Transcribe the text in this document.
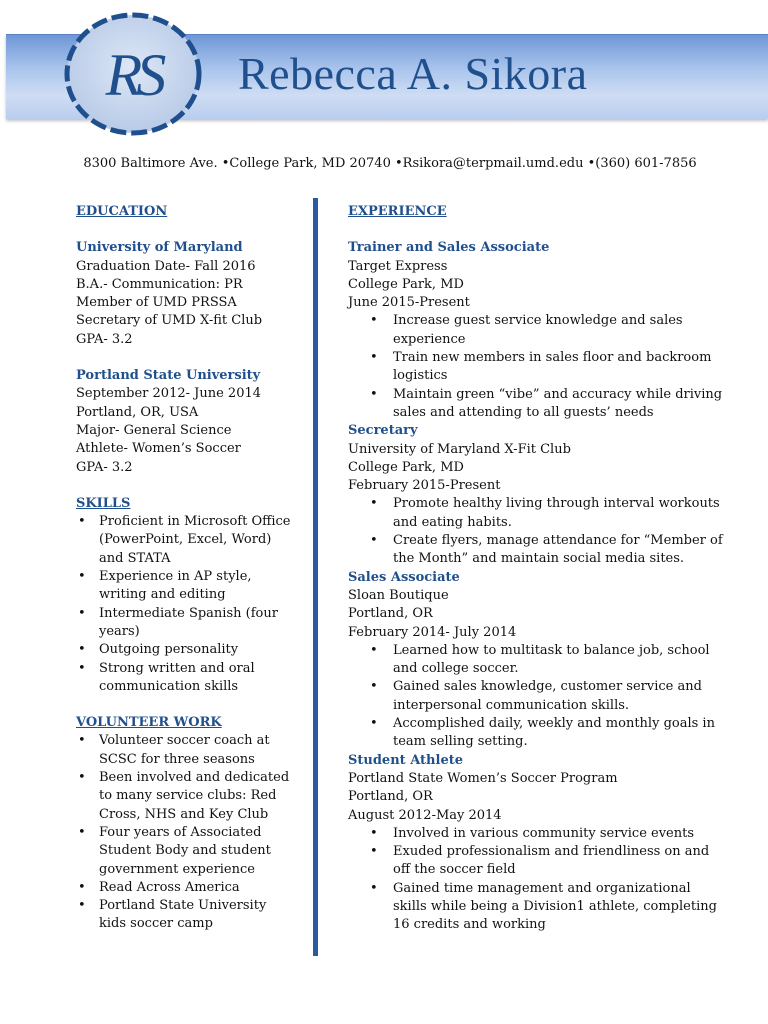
RS Rebecca A. Sikora
8300 Baltimore Ave. •College Park, MD 20740 •Rsikora@terpmail.umd.edu •(360) 601-7856
EDUCATION
University of Maryland
Graduation Date- Fall 2016
B.A.- Communication: PR
Member of UMD PRSSA
Secretary of UMD X-fit Club
GPA- 3.2
Portland State University
September 2012- June 2014
Portland, OR, USA
Major- General Science
Athlete- Women’s Soccer
GPA- 3.2
SKILLS
• Proficient in Microsoft Office (PowerPoint, Excel, Word) and STATA
• Experience in AP style, writing and editing
• Intermediate Spanish (four years)
• Outgoing personality
• Strong written and oral communication skills
VOLUNTEER WORK
• Volunteer soccer coach at SCSC for three seasons
• Been involved and dedicated to many service clubs: Red Cross, NHS and Key Club
• Four years of Associated Student Body and student government experience
• Read Across America
• Portland State University kids soccer camp
EXPERIENCE
Trainer and Sales Associate
Target Express
College Park, MD
June 2015-Present
• Increase guest service knowledge and sales experience
• Train new members in sales floor and backroom logistics
• Maintain green “vibe” and accuracy while driving sales and attending to all guests’ needs
Secretary
University of Maryland X-Fit Club
College Park, MD
February 2015-Present
• Promote healthy living through interval workouts and eating habits.
• Create flyers, manage attendance for “Member of the Month” and maintain social media sites.
Sales Associate
Sloan Boutique
Portland, OR
February 2014- July 2014
• Learned how to multitask to balance job, school and college soccer.
• Gained sales knowledge, customer service and interpersonal communication skills.
• Accomplished daily, weekly and monthly goals in team selling setting.
Student Athlete
Portland State Women’s Soccer Program
Portland, OR
August 2012-May 2014
• Involved in various community service events
• Exuded professionalism and friendliness on and off the soccer field
• Gained time management and organizational skills while being a Division1 athlete, completing 16 credits and working
